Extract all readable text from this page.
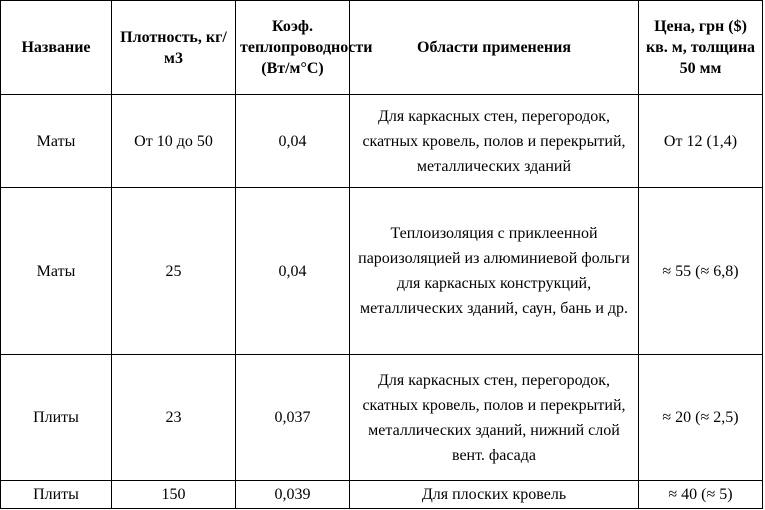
Название	Плотность, кг/м3	Коэф. теплопроводности (Вт/м°С)	Области применения	Цена, грн ($) кв. м, толщина 50 мм
Маты	От 10 до 50	0,04	Для каркасных стен, перегородок, скатных кровель, полов и перекрытий, металлических зданий	От 12 (1,4)
Маты	25	0,04	Теплоизоляция с приклеенной пароизоляцией из алюминиевой фольги для каркасных конструкций, металлических зданий, саун, бань и др.	≈ 55 (≈ 6,8)
Плиты	23	0,037	Для каркасных стен, перегородок, скатных кровель, полов и перекрытий, металлических зданий, нижний слой вент. фасада	≈ 20 (≈ 2,5)
Плиты	150	0,039	Для плоских кровель	≈ 40 (≈ 5)
